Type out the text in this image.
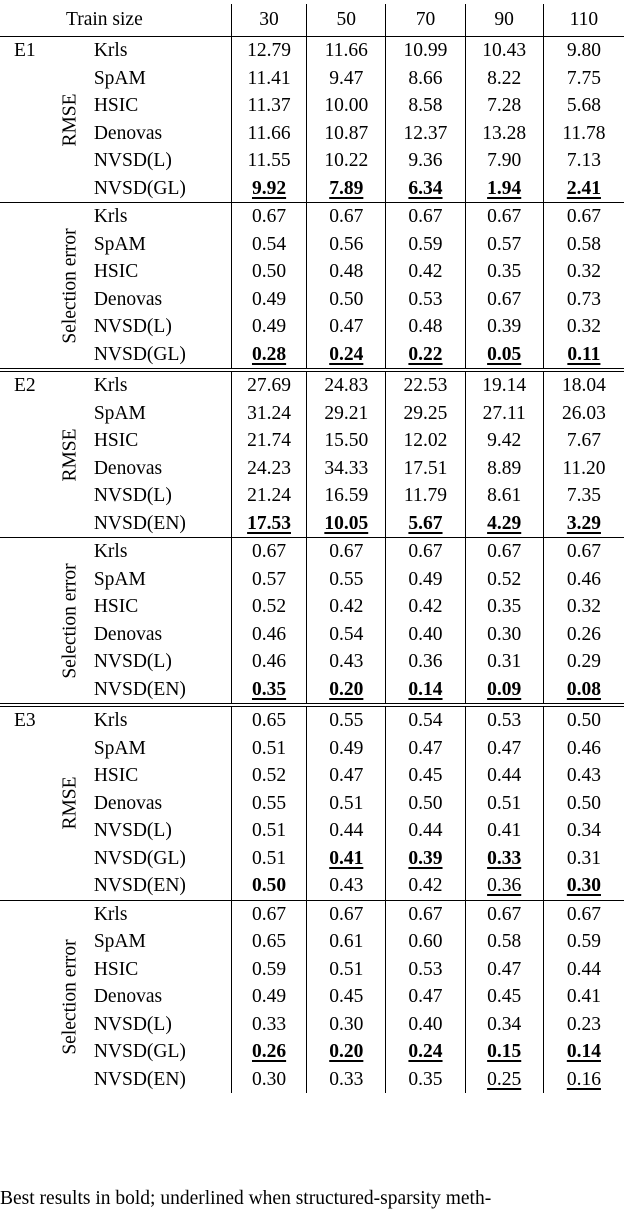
Train size			30	50	70	90	110
E1	RMSE	Krls	12.79	11.66	10.99	10.43	9.80
		SpAM	11.41	9.47	8.66	8.22	7.75
		HSIC	11.37	10.00	8.58	7.28	5.68
		Denovas	11.66	10.87	12.37	13.28	11.78
		NVSD(L)	11.55	10.22	9.36	7.90	7.13
		NVSD(GL)	9.92	7.89	6.34	1.94	2.41

	Selection error	Krls	0.67	0.67	0.67	0.67	0.67
		SpAM	0.54	0.56	0.59	0.57	0.58
		HSIC	0.50	0.48	0.42	0.35	0.32
		Denovas	0.49	0.50	0.53	0.67	0.73
		NVSD(L)	0.49	0.47	0.48	0.39	0.32
		NVSD(GL)	0.28	0.24	0.22	0.05	0.11
E2	RMSE	Krls	27.69	24.83	22.53	19.14	18.04
		SpAM	31.24	29.21	29.25	27.11	26.03
		HSIC	21.74	15.50	12.02	9.42	7.67
		Denovas	24.23	34.33	17.51	8.89	11.20
		NVSD(L)	21.24	16.59	11.79	8.61	7.35
		NVSD(EN)	17.53	10.05	5.67	4.29	3.29

	Selection error	Krls	0.67	0.67	0.67	0.67	0.67
		SpAM	0.57	0.55	0.49	0.52	0.46
		HSIC	0.52	0.42	0.42	0.35	0.32
		Denovas	0.46	0.54	0.40	0.30	0.26
		NVSD(L)	0.46	0.43	0.36	0.31	0.29
		NVSD(EN)	0.35	0.20	0.14	0.09	0.08
E3	RMSE	Krls	0.65	0.55	0.54	0.53	0.50
		SpAM	0.51	0.49	0.47	0.47	0.46
		HSIC	0.52	0.47	0.45	0.44	0.43
		Denovas	0.55	0.51	0.50	0.51	0.50
		NVSD(L)	0.51	0.44	0.44	0.41	0.34
		NVSD(GL)	0.51	0.41	0.39	0.33	0.31
		NVSD(EN)	0.50	0.43	0.42	0.36	0.30

	Selection error	Krls	0.67	0.67	0.67	0.67	0.67
		SpAM	0.65	0.61	0.60	0.58	0.59
		HSIC	0.59	0.51	0.53	0.47	0.44
		Denovas	0.49	0.45	0.47	0.45	0.41
		NVSD(L)	0.33	0.30	0.40	0.34	0.23
		NVSD(GL)	0.26	0.20	0.24	0.15	0.14
		NVSD(EN)	0.30	0.33	0.35	0.25	0.16
Best results in bold; underlined when structured-sparsity meth-
